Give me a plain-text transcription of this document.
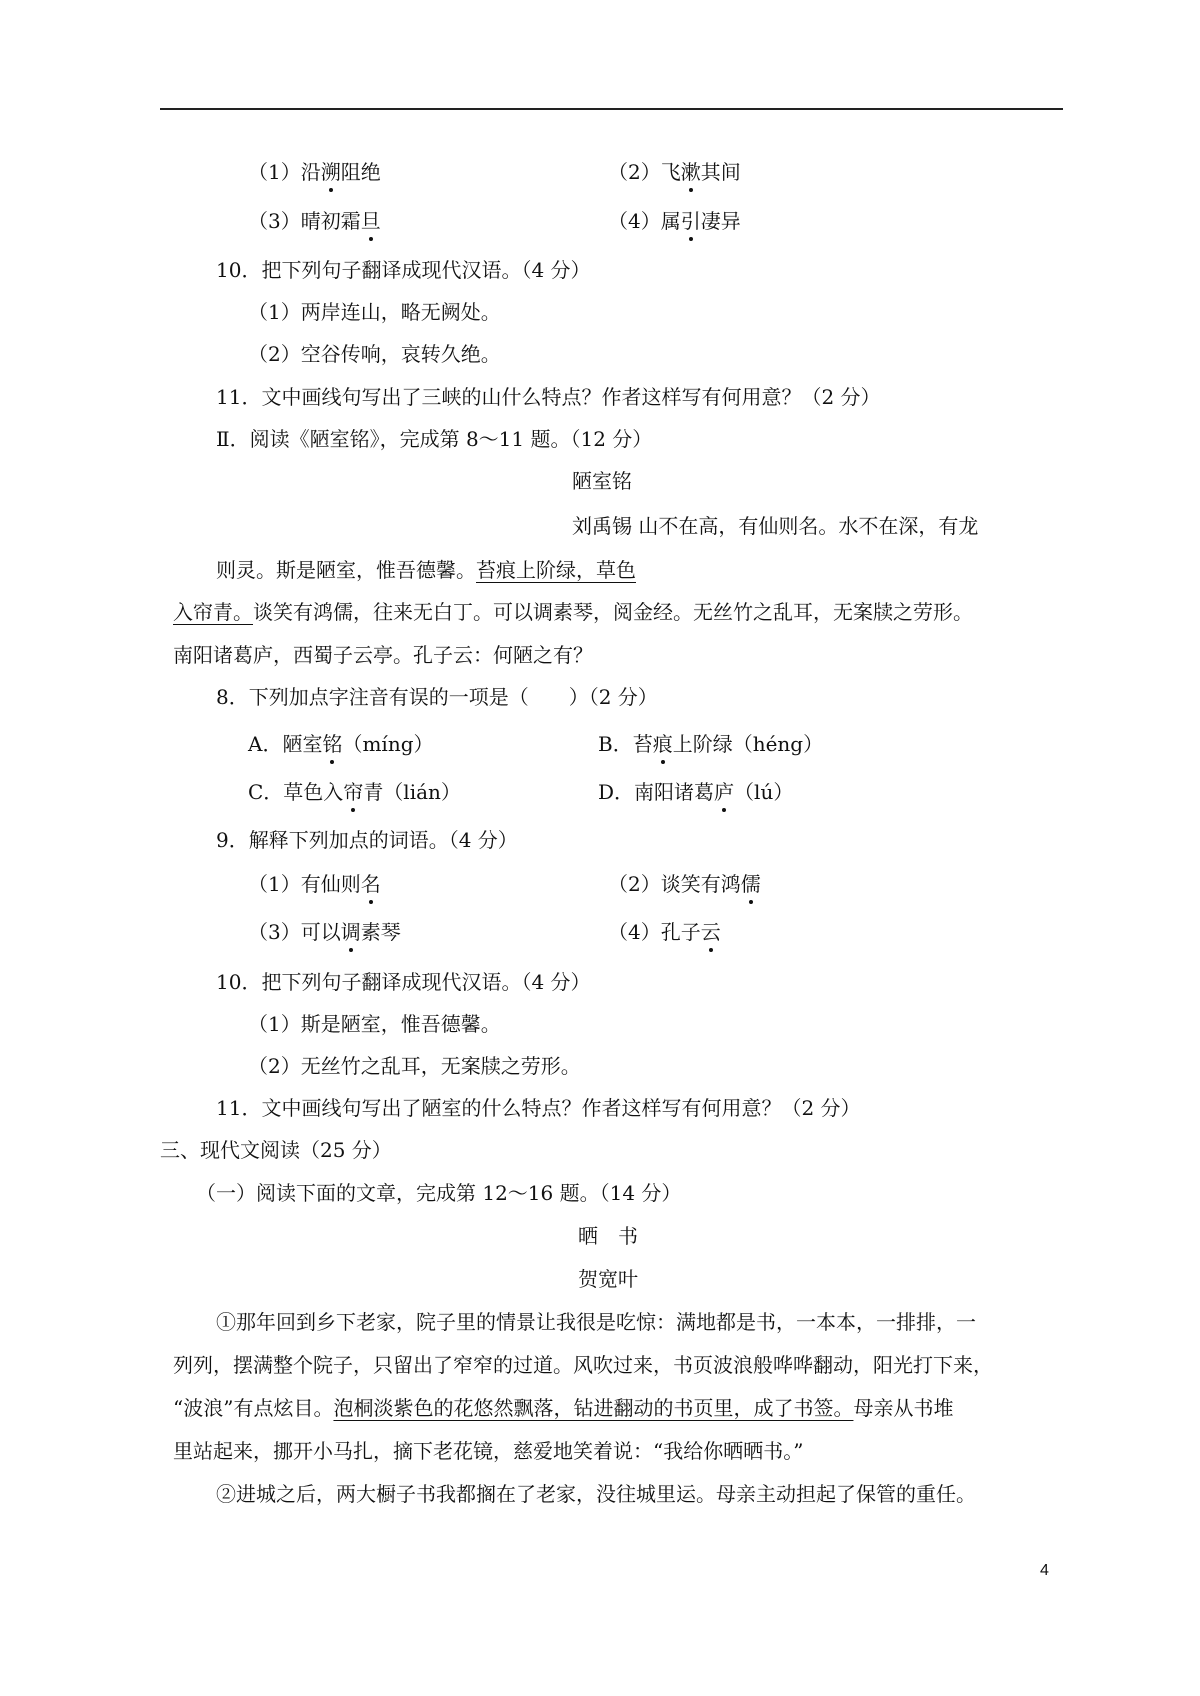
（1）沿溯阻绝	（2）飞漱其间
（3）晴初霜旦	（4）属引凄异
10．把下列句子翻译成现代汉语。（4 分）
（1）两岸连山，略无阙处。
（2）空谷传响，哀转久绝。
11．文中画线句写出了三峡的山什么特点？作者这样写有何用意？（2 分）
Ⅱ．阅读《陋室铭》，完成第 8～11 题。（12 分）
陋室铭
刘禹锡 山不在高，有仙则名。水不在深，有龙
则灵。斯是陋室，惟吾德馨。苔痕上阶绿，草色
入帘青。谈笑有鸿儒，往来无白丁。可以调素琴，阅金经。无丝竹之乱耳，无案牍之劳形。
南阳诸葛庐，西蜀子云亭。孔子云：何陋之有？
8．下列加点字注音有误的一项是（　　）（2 分）
A．陋室铭（míng）	B．苔痕上阶绿（héng）
C．草色入帘青（lián）	D．南阳诸葛庐（lú）
9．解释下列加点的词语。（4 分）
（1）有仙则名	（2）谈笑有鸿儒
（3）可以调素琴	（4）孔子云
10．把下列句子翻译成现代汉语。（4 分）
（1）斯是陋室，惟吾德馨。
（2）无丝竹之乱耳，无案牍之劳形。
11．文中画线句写出了陋室的什么特点？作者这样写有何用意？（2 分）
三、现代文阅读（25 分）
（一）阅读下面的文章，完成第 12～16 题。（14 分）
晒　书
贺宽叶
①那年回到乡下老家，院子里的情景让我很是吃惊：满地都是书，一本本，一排排，一
列列，摆满整个院子，只留出了窄窄的过道。风吹过来，书页波浪般哗哗翻动，阳光打下来，
“波浪”有点炫目。泡桐淡紫色的花悠然飘落，钻进翻动的书页里，成了书签。母亲从书堆
里站起来，挪开小马扎，摘下老花镜，慈爱地笑着说：“我给你晒晒书。”
②进城之后，两大橱子书我都搁在了老家，没往城里运。母亲主动担起了保管的重任。
4
